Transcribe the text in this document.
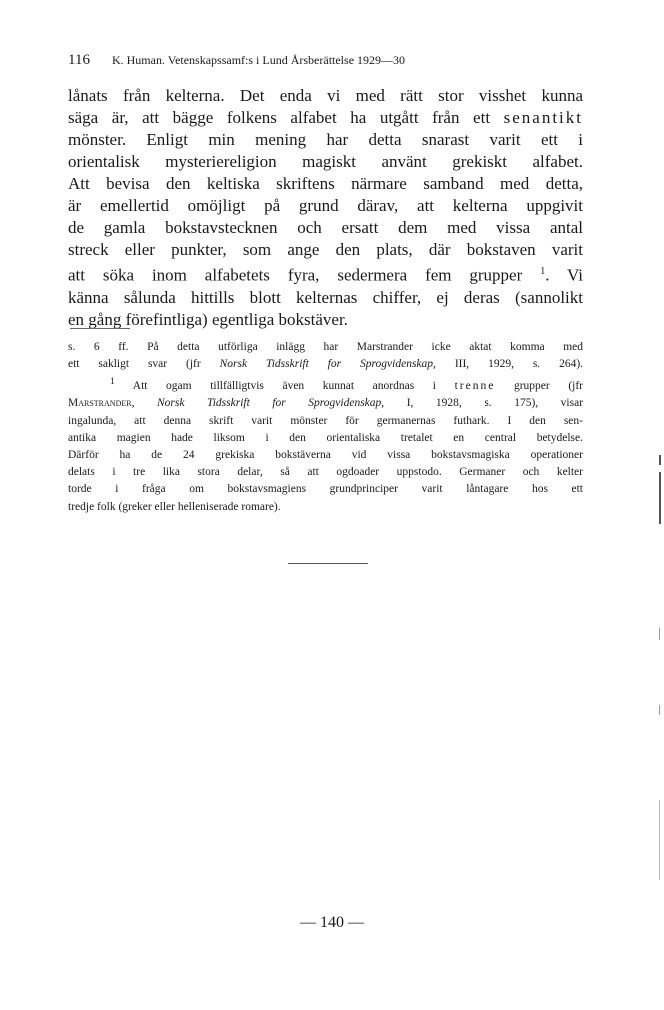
116 K. Human. Vetenskapssamf:s i Lund Årsberättelse 1929—30
lånats från kelterna. Det enda vi med rätt stor visshet kunna
säga är, att bägge folkens alfabet ha utgått från ett senantikt
mönster. Enligt min mening har detta snarast varit ett i
orientalisk mysteriereligion magiskt använt grekiskt alfabet.
Att bevisa den keltiska skriftens närmare samband med detta,
är emellertid omöjligt på grund därav, att kelterna uppgivit
de gamla bokstavstecknen och ersatt dem med vissa antal
streck eller punkter, som ange den plats, där bokstaven varit
att söka inom alfabetets fyra, sedermera fem grupper $^1$. Vi
känna sålunda hittills blott kelternas chiffer, ej deras (sannolikt
en gång förefintliga) egentliga bokstäver.
s. 6 ff. På detta utförliga inlägg har Marstrander icke aktat komma med
ett sakligt svar (jfr Norsk Tidsskrift for Sprogvidenskap, III, 1929, s. 264).
$^1$ Att ogam tillfälligtvis även kunnat anordnas i trenne grupper (jfr
Marstrander, Norsk Tidsskrift for Sprogvidenskap, I, 1928, s. 175), visar
ingalunda, att denna skrift varit mönster för germanernas futhark. I den sen-
antika magien hade liksom i den orientaliska tretalet en central betydelse.
Därför ha de 24 grekiska bokstäverna vid vissa bokstavsmagiska operationer
delats i tre lika stora delar, så att ogdoader uppstodo. Germaner och kelter
torde i fråga om bokstavsmagiens grundprinciper varit låntagare hos ett
tredje folk (greker eller helleniserade romare).
— 140 —
